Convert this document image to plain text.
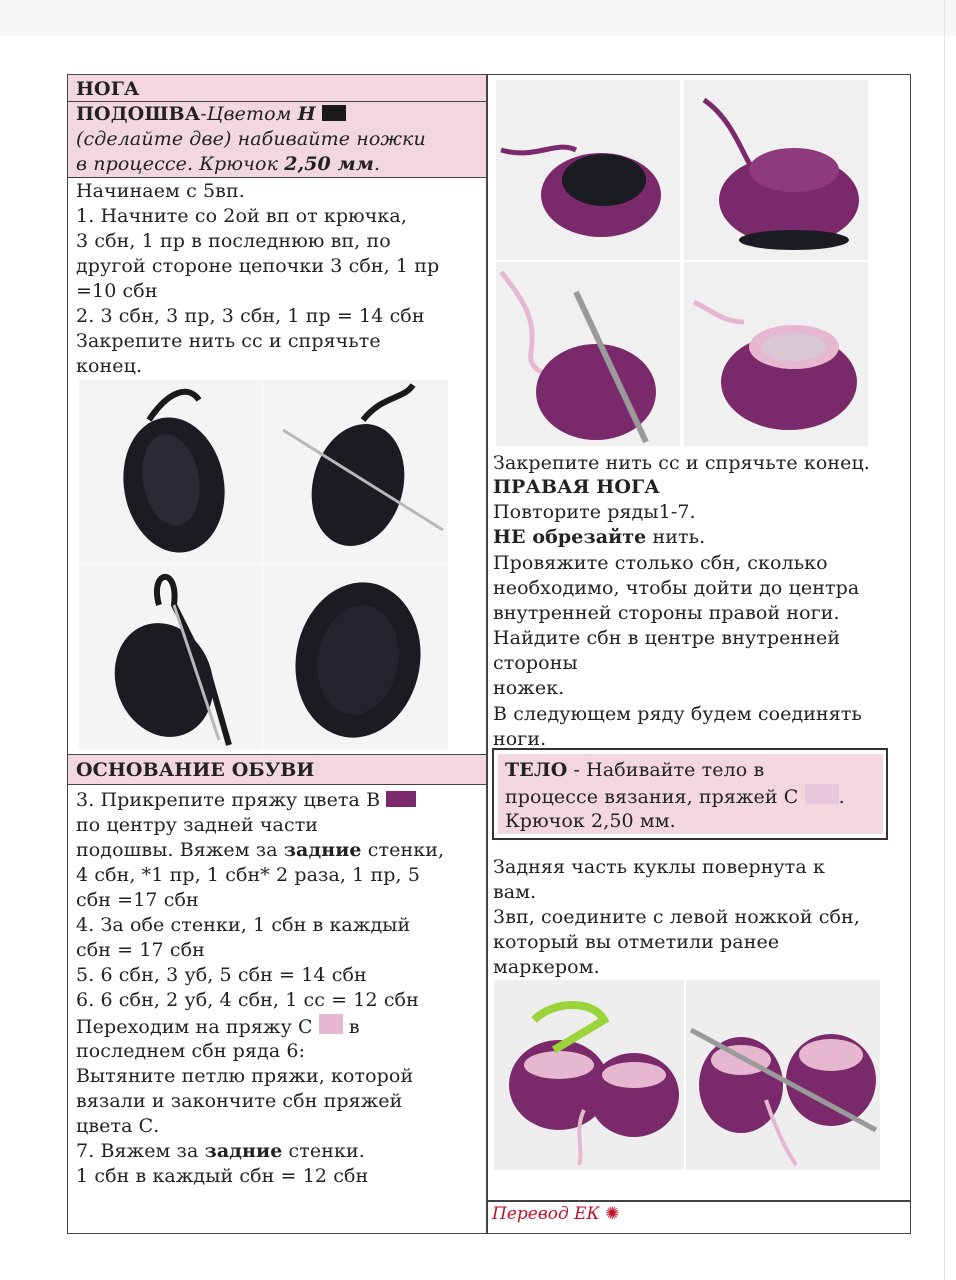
НОГА
ПОДОШВА-Цветом Н
(сделайте две) набивайте ножки
в процессе. Крючок 2,50 мм.
Начинаем с 5вп.
1. Начните со 2ой вп от крючка,
3 сбн, 1 пр в последнюю вп, по
другой стороне цепочки 3 сбн, 1 пр
=10 сбн
2. 3 сбн, 3 пр, 3 сбн, 1 пр = 14 сбн
Закрепите нить сс и спрячьте
конец.
ОСНОВАНИЕ ОБУВИ
3. Прикрепите пряжу цвета В
по центру задней части
подошвы. Вяжем за задние стенки,
4 сбн, *1 пр, 1 сбн* 2 раза, 1 пр, 5
сбн =17 сбн
4. За обе стенки, 1 сбн в каждый
сбн = 17 сбн
5. 6 сбн, 3 уб, 5 сбн = 14 сбн
6. 6 сбн, 2 уб, 4 сбн, 1 сс = 12 сбн
Переходим на пряжу С в
последнем сбн ряда 6:
Вытяните петлю пряжи, которой
вязали и закончите сбн пряжей
цвета С.
7. Вяжем за задние стенки.
1 сбн в каждый сбн = 12 сбн
Закрепите нить сс и спрячьте конец.
ПРАВАЯ НОГА
Повторите ряды1-7.
НЕ обрезайте нить.
Провяжите столько сбн, сколько
необходимо, чтобы дойти до центра
внутренней стороны правой ноги.
Найдите сбн в центре внутренней
стороны
ножек.
В следующем ряду будем соединять
ноги.
ТЕЛО - Набивайте тело в
процессе вязания, пряжей С .
Крючок 2,50 мм.
Задняя часть куклы повернута к
вам.
3вп, соедините с левой ножкой сбн,
который вы отметили ранее
маркером.
Перевод ЕК ✺
